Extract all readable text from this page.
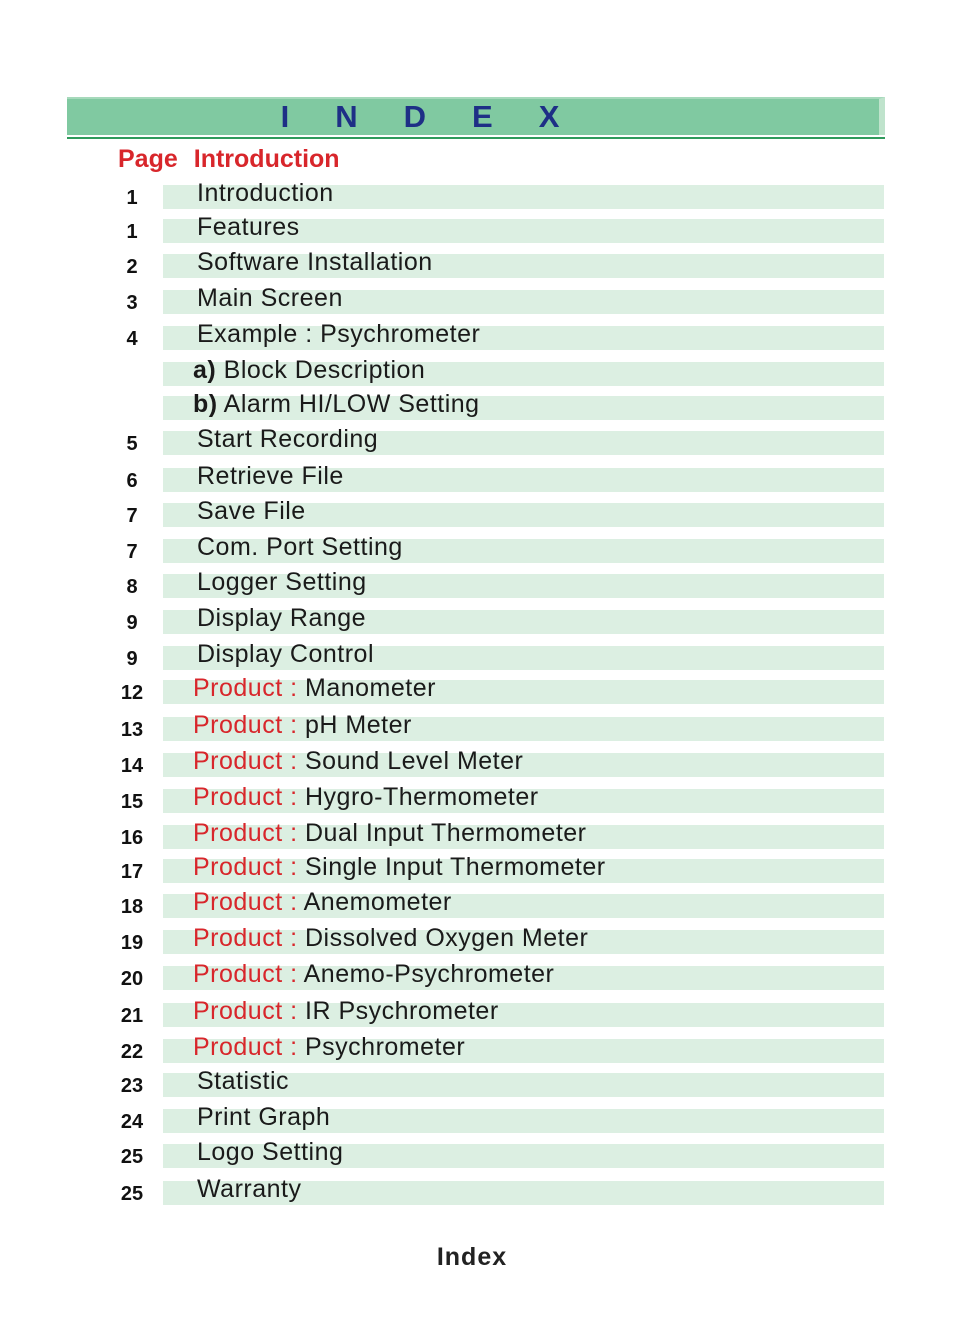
INDEX
Page Introduction
1	Introduction
1	Features
2	Software Installation
3	Main Screen
4	Example : Psychrometer
a) Block Description
b) Alarm HI/LOW Setting
5	Start Recording
6	Retrieve File
7	Save File
7	Com. Port Setting
8	Logger Setting
9	Display Range
9	Display Control
12	Product : Manometer
13	Product : pH Meter
14	Product : Sound Level Meter
15	Product : Hygro-Thermometer
16	Product : Dual Input Thermometer
17	Product : Single Input Thermometer
18	Product : Anemometer
19	Product : Dissolved Oxygen Meter
20	Product : Anemo-Psychrometer
21	Product : IR Psychrometer
22	Product : Psychrometer
23	Statistic
24	Print Graph
25	Logo Setting
25	Warranty
Index
